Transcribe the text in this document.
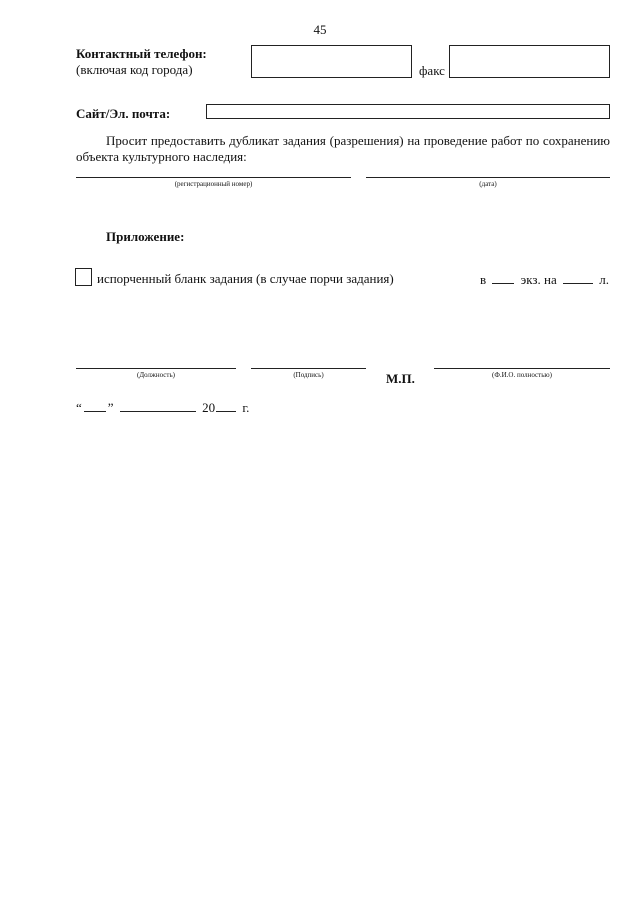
45
Контактный телефон:
(включая код города)	факс
Сайт/Эл. почта:
Просит предоставить дубликат задания (разрешения) на проведение работ по сохранению объекта культурного наследия:
(регистрационный номер)	(дата)
Приложение:
испорченный бланк задания (в случае порчи задания)	в	экз. на	л.
(Должность)	(Подпись)	М.П.	(Ф.И.О. полностью)
“ ”	20 г.
